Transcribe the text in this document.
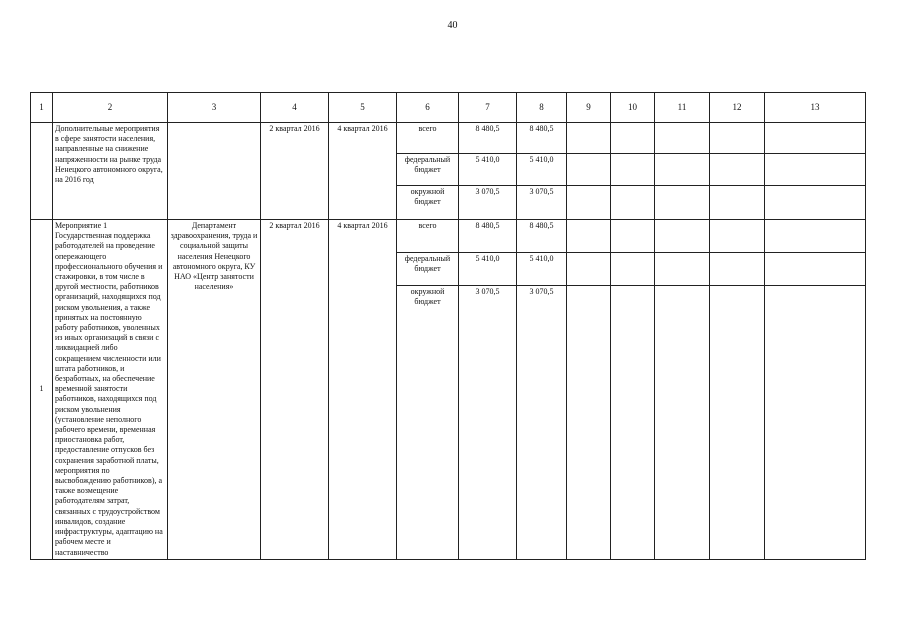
40
1	2	3	4	5	6	7	8	9	10	11	12	13
	Дополнительные мероприятия в сфере занятости населения, направленные на снижение напряженности на рынке труда Ненецкого автономного округа, на 2016 год		2 квартал 2016	4 квартал 2016	всего	8 480,5	8 480,5					
					федеральный бюджет	5 410,0	5 410,0					
					окружной бюджет	3 070,5	3 070,5					
1	Мероприятие 1 Государственная поддержка работодателей на проведение опережающего профессионального обучения и стажировки, в том числе в другой местности, работников организаций, находящихся под риском увольнения, а также принятых на постоянную работу работников, уволенных из иных организаций в связи с ликвидацией либо сокращением численности или штата работников, и безработных, на обеспечение временной занятости работников, находящихся под риском увольнения (установление неполного рабочего времени, временная приостановка работ, предоставление отпусков без сохранения заработной платы, мероприятия по высвобождению работников), а также возмещение работодателям затрат, связанных с трудоустройством инвалидов, создание инфраструктуры, адаптацию на рабочем месте и наставничество	Департамент здравоохранения, труда и социальной защиты населения Ненецкого автономного округа, КУ НАО «Центр занятости населения»	2 квартал 2016	4 квартал 2016	всего	8 480,5	8 480,5					
					федеральный бюджет	5 410,0	5 410,0					
					окружной бюджет	3 070,5	3 070,5					
